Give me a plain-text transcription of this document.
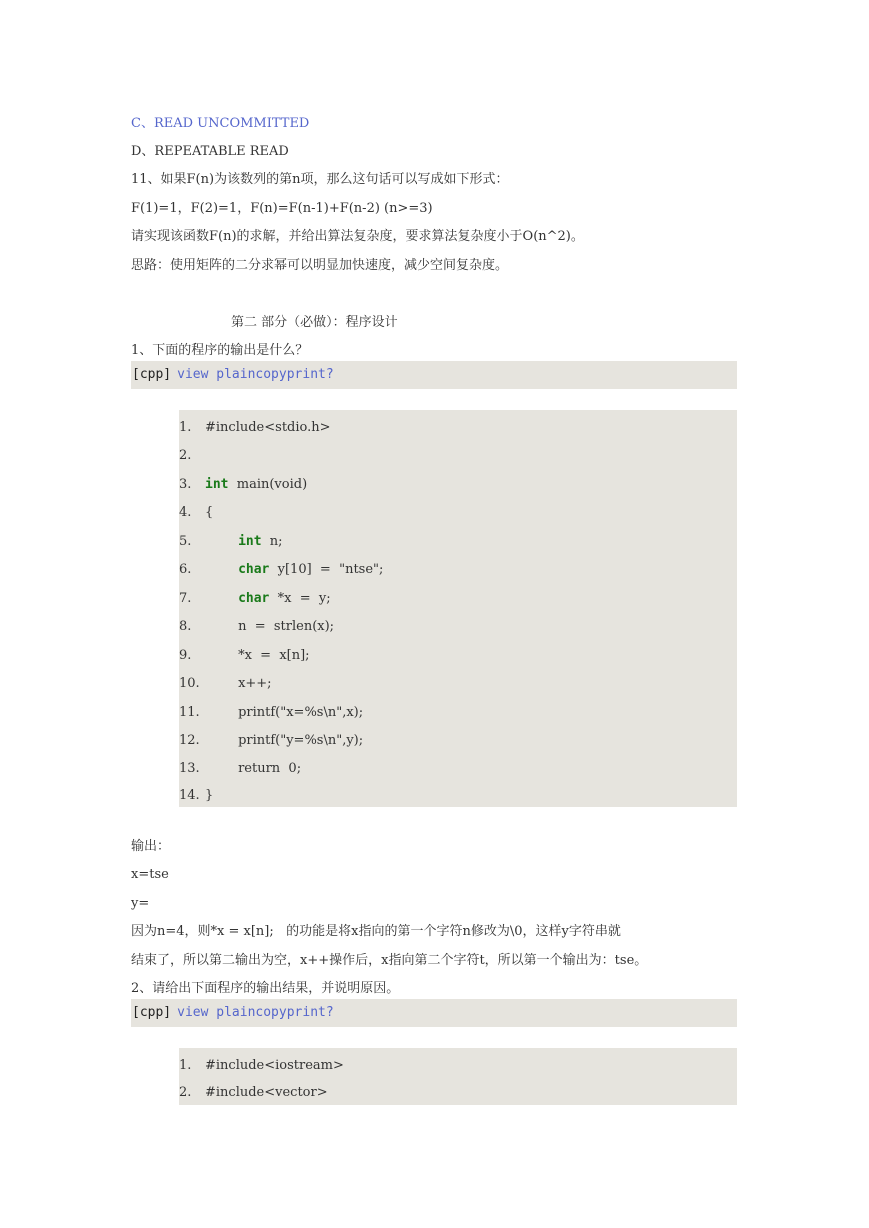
C、READ UNCOMMITTED
D、REPEATABLE READ
11、如果F(n)为该数列的第n项，那么这句话可以写成如下形式：
F(1)=1，F(2)=1，F(n)=F(n-1)+F(n-2) (n>=3)
请实现该函数F(n)的求解，并给出算法复杂度，要求算法复杂度小于O(n^2)。
思路：使用矩阵的二分求幂可以明显加快速度，减少空间复杂度。
第二 部分（必做）：程序设计
1、下面的程序的输出是什么？
[cpp] view plaincopyprint?
1. #include<stdio.h>
2.
3. int  main(void)
4. {
5.	int  n;
6.	char  y[10]  =  "ntse";
7.	char  *x  =  y;
8.	n  =  strlen(x);
9.	*x  =  x[n];
10.	x++;
11.	printf("x=%s\n",x);
12.	printf("y=%s\n",y);
13.	return  0;
14. }
输出：
x=tse
y=
因为n=4，则*x = x[n];   的功能是将x指向的第一个字符n修改为\0，这样y字符串就
结束了，所以第二输出为空，x++操作后，x指向第二个字符t，所以第一个输出为：tse。
2、请给出下面程序的输出结果，并说明原因。
[cpp] view plaincopyprint?
1. #include<iostream>
2. #include<vector>
